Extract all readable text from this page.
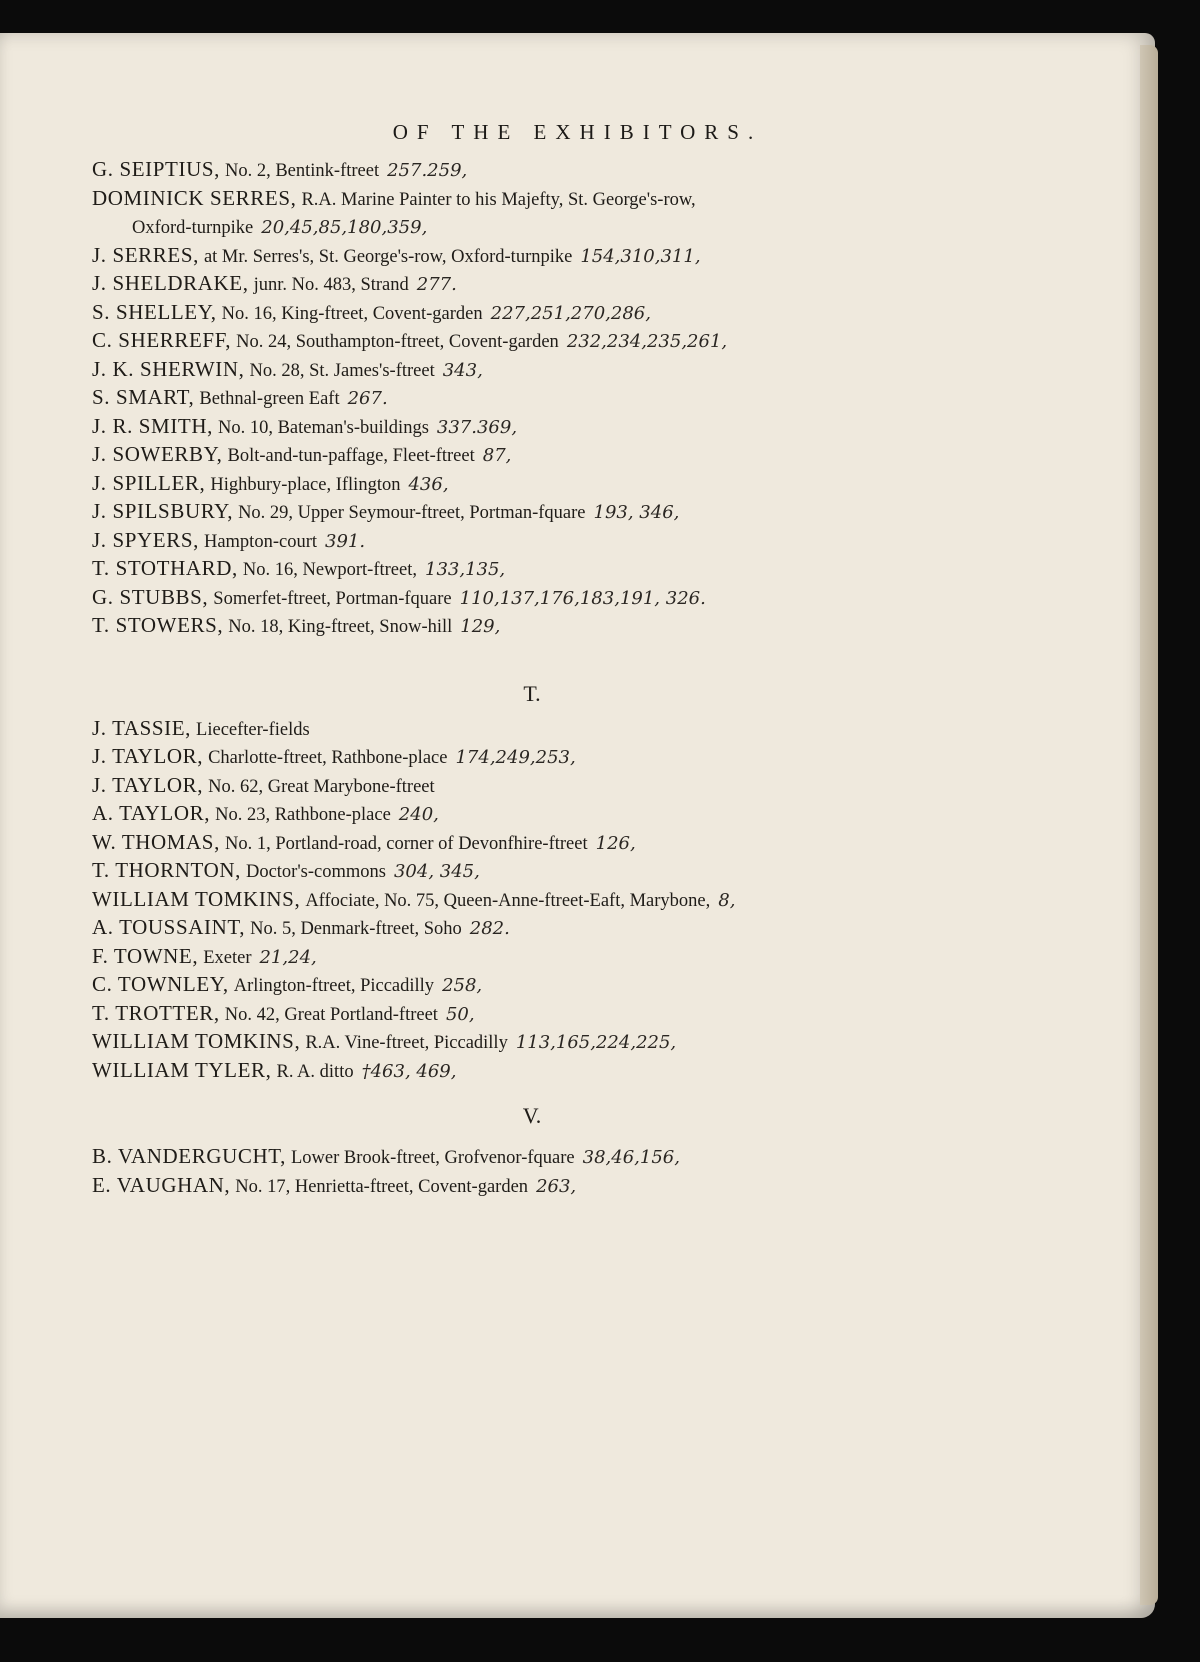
OF THE EXHIBITORS.
G. SEIPTIUS, No. 2, Bentink-ftreet 257.259,
DOMINICK SERRES, R.A. Marine Painter to his Majefty, St. George's-row,
Oxford-turnpike 20,45,85,180,359,
J. SERRES, at Mr. Serres's, St. George's-row, Oxford-turnpike 154,310,311,
J. SHELDRAKE, junr. No. 483, Strand 277.
S. SHELLEY, No. 16, King-ftreet, Covent-garden 227,251,270,286,
C. SHERREFF, No. 24, Southampton-ftreet, Covent-garden 232,234,235,261,
J. K. SHERWIN, No. 28, St. James's-ftreet 343,
S. SMART, Bethnal-green Eaft 267.
J. R. SMITH, No. 10, Bateman's-buildings 337.369,
J. SOWERBY, Bolt-and-tun-paffage, Fleet-ftreet 87,
J. SPILLER, Highbury-place, Iflington 436,
J. SPILSBURY, No. 29, Upper Seymour-ftreet, Portman-fquare 193, 346,
J. SPYERS, Hampton-court 391.
T. STOTHARD, No. 16, Newport-ftreet, 133,135,
G. STUBBS, Somerfet-ftreet, Portman-fquare 110,137,176,183,191, 326.
T. STOWERS, No. 18, King-ftreet, Snow-hill 129,
T.
J. TASSIE, Liecefter-fields
J. TAYLOR, Charlotte-ftreet, Rathbone-place 174,249,253,
J. TAYLOR, No. 62, Great Marybone-ftreet
A. TAYLOR, No. 23, Rathbone-place 240,
W. THOMAS, No. 1, Portland-road, corner of Devonfhire-ftreet 126,
T. THORNTON, Doctor's-commons 304, 345,
WILLIAM TOMKINS, Affociate, No. 75, Queen-Anne-ftreet-Eaft, Marybone, 8,
A. TOUSSAINT, No. 5, Denmark-ftreet, Soho 282.
F. TOWNE, Exeter 21,24,
C. TOWNLEY, Arlington-ftreet, Piccadilly 258,
T. TROTTER, No. 42, Great Portland-ftreet 50,
WILLIAM TOMKINS, R.A. Vine-ftreet, Piccadilly 113,165,224,225,
WILLIAM TYLER, R. A. ditto †463, 469,
V.
B. VANDERGUCHT, Lower Brook-ftreet, Grofvenor-fquare 38,46,156,
E. VAUGHAN, No. 17, Henrietta-ftreet, Covent-garden 263,
